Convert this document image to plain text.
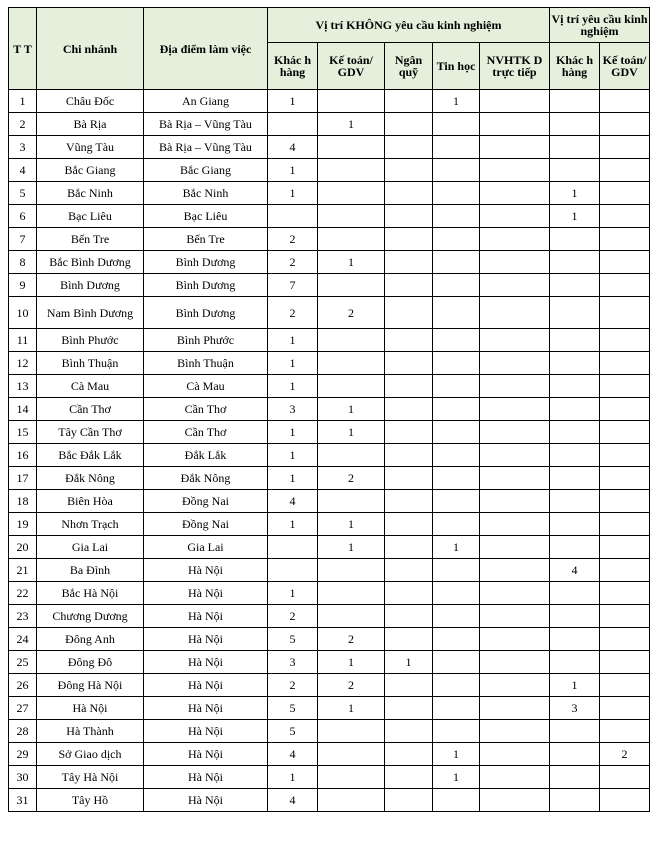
T T	Chi nhánh	Địa điểm làm việc	Vị trí KHÔNG yêu cầu kinh nghiệm					Vị trí yêu cầu kinh nghiệm	
			Khác h hàng	Kế toán/ GDV	Ngân quỹ	Tin học	NVHTK D trực tiếp	Khác h hàng	Kế toán/ GDV
1	Châu Đốc	An Giang	1			1			
2	Bà Rịa	Bà Rịa – Vũng Tàu		1					
3	Vũng Tàu	Bà Rịa – Vũng Tàu	4						
4	Bắc Giang	Bắc Giang	1						
5	Bắc Ninh	Bắc Ninh	1					1	
6	Bạc Liêu	Bạc Liêu						1	
7	Bến Tre	Bến Tre	2						
8	Bắc Bình Dương	Bình Dương	2	1					
9	Bình Dương	Bình Dương	7						
10	Nam Bình Dương	Bình Dương	2	2					
11	Bình Phước	Bình Phước	1						
12	Bình Thuận	Bình Thuận	1						
13	Cà Mau	Cà Mau	1						
14	Cần Thơ	Cần Thơ	3	1					
15	Tây Cần Thơ	Cần Thơ	1	1					
16	Bắc Đắk Lắk	Đắk Lắk	1						
17	Đắk Nông	Đắk Nông	1	2					
18	Biên Hòa	Đồng Nai	4						
19	Nhơn Trạch	Đồng Nai	1	1					
20	Gia Lai	Gia Lai		1		1			
21	Ba Đình	Hà Nội						4	
22	Bắc Hà Nội	Hà Nội	1						
23	Chương Dương	Hà Nội	2						
24	Đông Anh	Hà Nội	5	2					
25	Đông Đô	Hà Nội	3	1	1				
26	Đông Hà Nội	Hà Nội	2	2				1	
27	Hà Nội	Hà Nội	5	1				3	
28	Hà Thành	Hà Nội	5						
29	Sở Giao dịch	Hà Nội	4			1			2
30	Tây Hà Nội	Hà Nội	1			1			
31	Tây Hồ	Hà Nội	4						
